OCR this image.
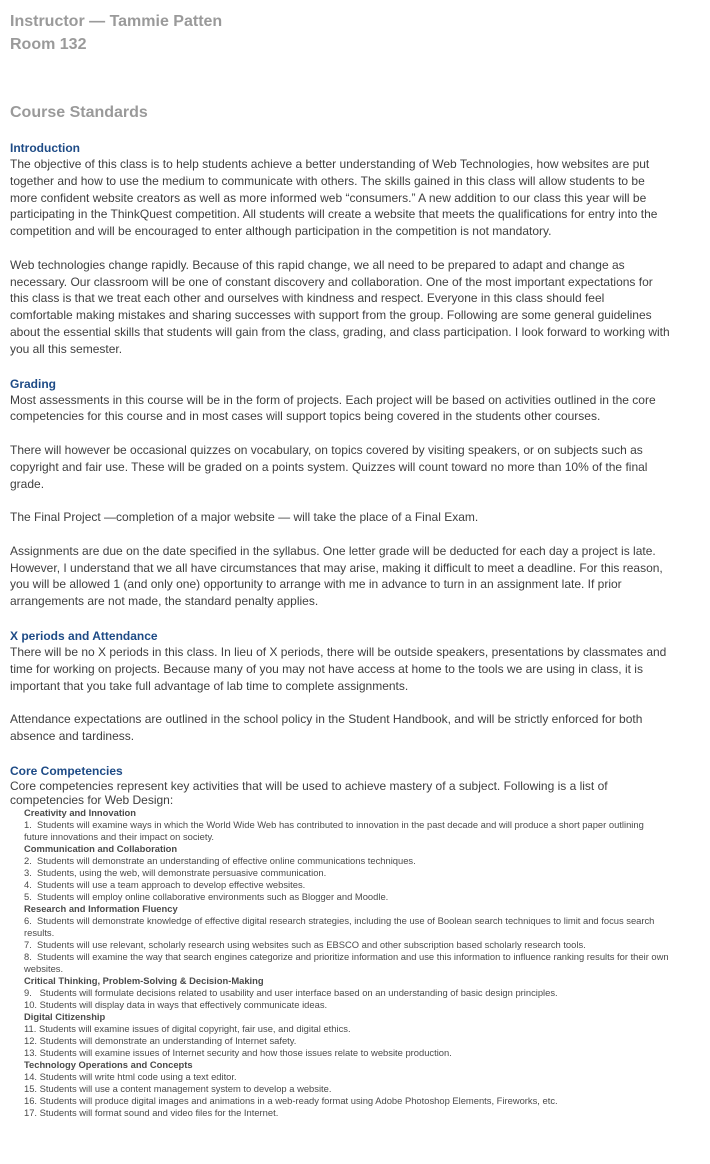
Instructor — Tammie Patten

Room 132

Course Standards

Introduction

The objective of this class is to help students achieve a better understanding of Web Technologies, how websites are put together and how to use the medium to communicate with others. The skills gained in this class will allow students to be more confident website creators as well as more informed web “consumers.” A new addition to our class this year will be participating in the ThinkQuest competition. All students will create a website that meets the qualifications for entry into the competition and will be encouraged to enter although participation in the competition is not mandatory.

Web technologies change rapidly. Because of this rapid change, we all need to be prepared to adapt and change as necessary. Our classroom will be one of constant discovery and collaboration. One of the most important expectations for this class is that we treat each other and ourselves with kindness and respect. Everyone in this class should feel comfortable making mistakes and sharing successes with support from the group. Following are some general guidelines about the essential skills that students will gain from the class, grading, and class participation. I look forward to working with you all this semester.

Grading

Most assessments in this course will be in the form of projects. Each project will be based on activities outlined in the core competencies for this course and in most cases will support topics being covered in the students other courses.

There will however be occasional quizzes on vocabulary, on topics covered by visiting speakers, or on subjects such as copyright and fair use. These will be graded on a points system. Quizzes will count toward no more than 10% of the final grade.

The Final Project —completion of a major website — will take the place of a Final Exam.

Assignments are due on the date specified in the syllabus. One letter grade will be deducted for each day a project is late. However, I understand that we all have circumstances that may arise, making it difficult to meet a deadline. For this reason, you will be allowed 1 (and only one) opportunity to arrange with me in advance to turn in an assignment late. If prior arrangements are not made, the standard penalty applies.

X periods and Attendance

There will be no X periods in this class. In lieu of X periods, there will be outside speakers, presentations by classmates and time for working on projects. Because many of you may not have access at home to the tools we are using in class, it is important that you take full advantage of lab time to complete assignments.

Attendance expectations are outlined in the school policy in the Student Handbook, and will be strictly enforced for both absence and tardiness.

Core Competencies

Core competencies represent key activities that will be used to achieve mastery of a subject. Following is a list of competencies for Web Design:

Creativity and Innovation

1.  Students will examine ways in which the World Wide Web has contributed to innovation in the past decade and will produce a short paper outlining future innovations and their impact on society.

Communication and Collaboration

2.  Students will demonstrate an understanding of effective online communications techniques.

3.  Students, using the web, will demonstrate persuasive communication.

4.  Students will use a team approach to develop effective websites.

5.  Students will employ online collaborative environments such as Blogger and Moodle.

Research and Information Fluency

6.  Students will demonstrate knowledge of effective digital research strategies, including the use of Boolean search techniques to limit and focus search results.

7.  Students will use relevant, scholarly research using websites such as EBSCO and other subscription based scholarly research tools.

8.  Students will examine the way that search engines categorize and prioritize information and use this information to influence ranking results for their own websites.

Critical Thinking, Problem-Solving & Decision-Making

9.   Students will formulate decisions related to usability and user interface based on an understanding of basic design principles.

10. Students will display data in ways that effectively communicate ideas.

Digital Citizenship

11. Students will examine issues of digital copyright, fair use, and digital ethics.

12. Students will demonstrate an understanding of Internet safety.

13. Students will examine issues of Internet security and how those issues relate to website production.

Technology Operations and Concepts

14. Students will write html code using a text editor.

15. Students will use a content management system to develop a website.

16. Students will produce digital images and animations in a web-ready format using Adobe Photoshop Elements, Fireworks, etc.

17. Students will format sound and video files for the Internet.
